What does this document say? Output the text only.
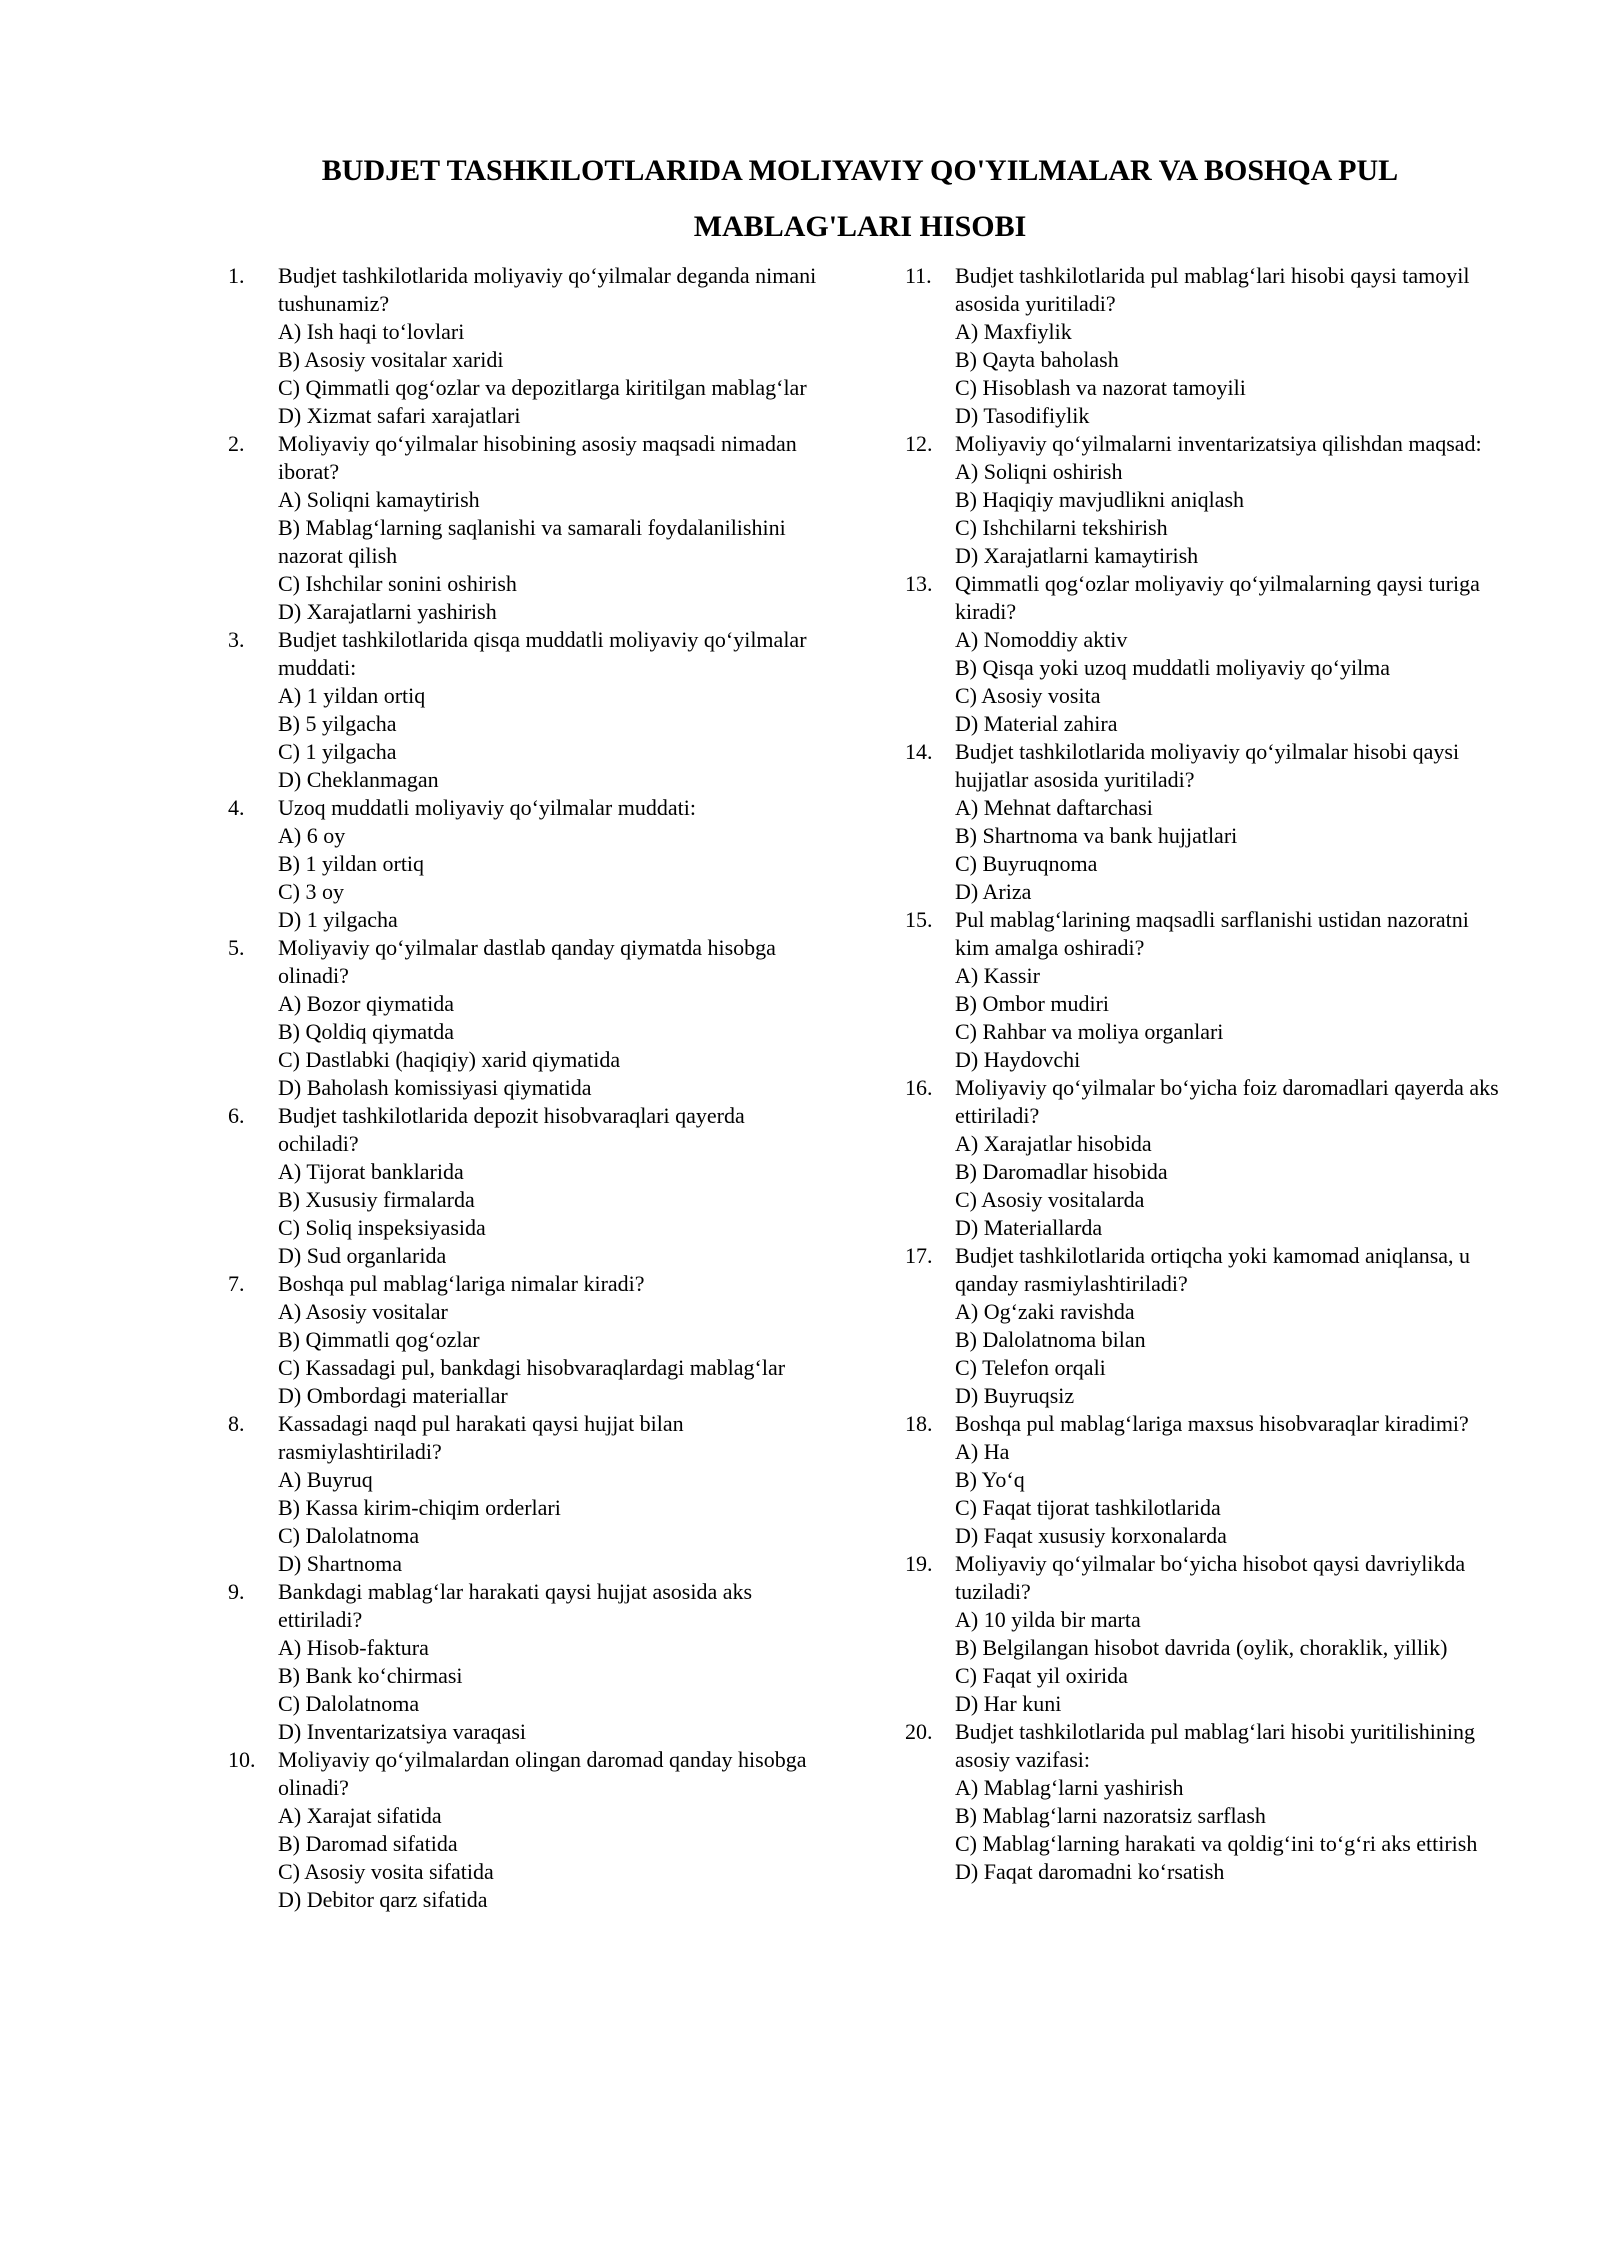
BUDJET TASHKILOTLARIDA MOLIYAVIY QO'YILMALAR VA BOSHQA PUL
MABLAG'LARI HISOBI
1.	Budjet tashkilotlarida moliyaviy qo‘yilmalar deganda nimani tushunamiz?
A) Ish haqi to‘lovlari
B) Asosiy vositalar xaridi
C) Qimmatli qog‘ozlar va depozitlarga kiritilgan mablag‘lar
D) Xizmat safari xarajatlari
2.	Moliyaviy qo‘yilmalar hisobining asosiy maqsadi nimadan iborat?
A) Soliqni kamaytirish
B) Mablag‘larning saqlanishi va samarali foydalanilishini nazorat qilish
C) Ishchilar sonini oshirish
D) Xarajatlarni yashirish
3.	Budjet tashkilotlarida qisqa muddatli moliyaviy qo‘yilmalar muddati:
A) 1 yildan ortiq
B) 5 yilgacha
C) 1 yilgacha
D) Cheklanmagan
4.	Uzoq muddatli moliyaviy qo‘yilmalar muddati:
A) 6 oy
B) 1 yildan ortiq
C) 3 oy
D) 1 yilgacha
5.	Moliyaviy qo‘yilmalar dastlab qanday qiymatda hisobga olinadi?
A) Bozor qiymatida
B) Qoldiq qiymatda
C) Dastlabki (haqiqiy) xarid qiymatida
D) Baholash komissiyasi qiymatida
6.	Budjet tashkilotlarida depozit hisobvaraqlari qayerda ochiladi?
A) Tijorat banklarida
B) Xususiy firmalarda
C) Soliq inspeksiyasida
D) Sud organlarida
7.	Boshqa pul mablag‘lariga nimalar kiradi?
A) Asosiy vositalar
B) Qimmatli qog‘ozlar
C) Kassadagi pul, bankdagi hisobvaraqlardagi mablag‘lar
D) Ombordagi materiallar
8.	Kassadagi naqd pul harakati qaysi hujjat bilan rasmiylashtiriladi?
A) Buyruq
B) Kassa kirim-chiqim orderlari
C) Dalolatnoma
D) Shartnoma
9.	Bankdagi mablag‘lar harakati qaysi hujjat asosida aks ettiriladi?
A) Hisob-faktura
B) Bank ko‘chirmasi
C) Dalolatnoma
D) Inventarizatsiya varaqasi
10.	Moliyaviy qo‘yilmalardan olingan daromad qanday hisobga olinadi?
A) Xarajat sifatida
B) Daromad sifatida
C) Asosiy vosita sifatida
D) Debitor qarz sifatida
11.	Budjet tashkilotlarida pul mablag‘lari hisobi qaysi tamoyil asosida yuritiladi?
A) Maxfiylik
B) Qayta baholash
C) Hisoblash va nazorat tamoyili
D) Tasodifiylik
12.	Moliyaviy qo‘yilmalarni inventarizatsiya qilishdan maqsad:
A) Soliqni oshirish
B) Haqiqiy mavjudlikni aniqlash
C) Ishchilarni tekshirish
D) Xarajatlarni kamaytirish
13.	Qimmatli qog‘ozlar moliyaviy qo‘yilmalarning qaysi turiga kiradi?
A) Nomoddiy aktiv
B) Qisqa yoki uzoq muddatli moliyaviy qo‘yilma
C) Asosiy vosita
D) Material zahira
14.	Budjet tashkilotlarida moliyaviy qo‘yilmalar hisobi qaysi hujjatlar asosida yuritiladi?
A) Mehnat daftarchasi
B) Shartnoma va bank hujjatlari
C) Buyruqnoma
D) Ariza
15.	Pul mablag‘larining maqsadli sarflanishi ustidan nazoratni kim amalga oshiradi?
A) Kassir
B) Ombor mudiri
C) Rahbar va moliya organlari
D) Haydovchi
16.	Moliyaviy qo‘yilmalar bo‘yicha foiz daromadlari qayerda aks ettiriladi?
A) Xarajatlar hisobida
B) Daromadlar hisobida
C) Asosiy vositalarda
D) Materiallarda
17.	Budjet tashkilotlarida ortiqcha yoki kamomad aniqlansa, u qanday rasmiylashtiriladi?
A) Og‘zaki ravishda
B) Dalolatnoma bilan
C) Telefon orqali
D) Buyruqsiz
18.	Boshqa pul mablag‘lariga maxsus hisobvaraqlar kiradimi?
A) Ha
B) Yo‘q
C) Faqat tijorat tashkilotlarida
D) Faqat xususiy korxonalarda
19.	Moliyaviy qo‘yilmalar bo‘yicha hisobot qaysi davriylikda tuziladi?
A) 10 yilda bir marta
B) Belgilangan hisobot davrida (oylik, choraklik, yillik)
C) Faqat yil oxirida
D) Har kuni
20.	Budjet tashkilotlarida pul mablag‘lari hisobi yuritilishining asosiy vazifasi:
A) Mablag‘larni yashirish
B) Mablag‘larni nazoratsiz sarflash
C) Mablag‘larning harakati va qoldig‘ini to‘g‘ri aks ettirish
D) Faqat daromadni ko‘rsatish
